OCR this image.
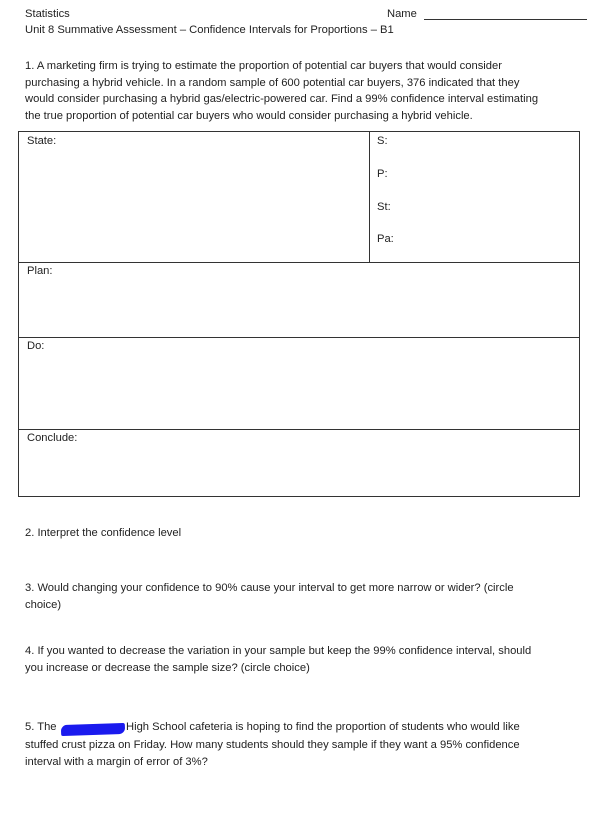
Statistics	Name
Unit 8 Summative Assessment – Confidence Intervals for Proportions – B1
1. A marketing firm is trying to estimate the proportion of potential car buyers that would consider
purchasing a hybrid vehicle. In a random sample of 600 potential car buyers, 376 indicated that they
would consider purchasing a hybrid gas/electric-powered car. Find a 99% confidence interval estimating
the true proportion of potential car buyers who would consider purchasing a hybrid vehicle.
State:	S:
P:
St:
Pa:
Plan:
Do:
Conclude:
2. Interpret the confidence level
3. Would changing your confidence to 90% cause your interval to get more narrow or wider? (circle
choice)
4. If you wanted to decrease the variation in your sample but keep the 99% confidence interval, should
you increase or decrease the sample size? (circle choice)
5. The	High School cafeteria is hoping to find the proportion of students who would like
stuffed crust pizza on Friday. How many students should they sample if they want a 95% confidence
interval with a margin of error of 3%?
